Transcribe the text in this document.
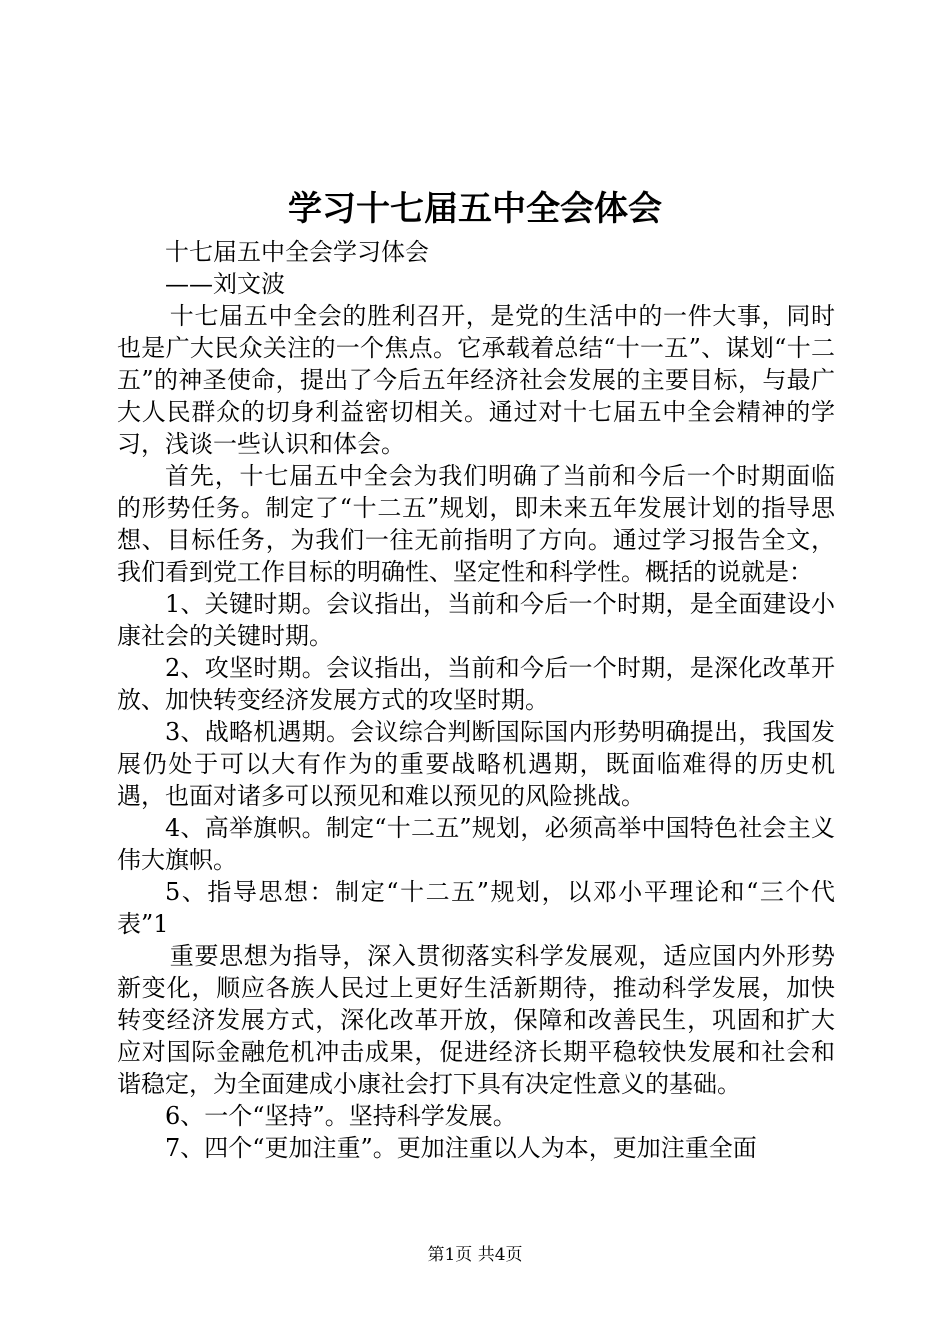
学习十七届五中全会体会

十七届五中全会学习体会

——刘文波

十七届五中全会的胜利召开，是党的生活中的一件大事，同时也是广大民众关注的一个焦点。它承载着总结“十一五”、谋划“十二五”的神圣使命，提出了今后五年经济社会发展的主要目标，与最广大人民群众的切身利益密切相关。通过对十七届五中全会精神的学习，浅谈一些认识和体会。

首先，十七届五中全会为我们明确了当前和今后一个时期面临的形势任务。制定了“十二五”规划，即未来五年发展计划的指导思想、目标任务，为我们一往无前指明了方向。通过学习报告全文，我们看到党工作目标的明确性、坚定性和科学性。概括的说就是：

1、关键时期。会议指出，当前和今后一个时期，是全面建设小康社会的关键时期。

2、攻坚时期。会议指出，当前和今后一个时期，是深化改革开放、加快转变经济发展方式的攻坚时期。

3、战略机遇期。会议综合判断国际国内形势明确提出，我国发展仍处于可以大有作为的重要战略机遇期，既面临难得的历史机遇，也面对诸多可以预见和难以预见的风险挑战。

4、高举旗帜。制定“十二五”规划，必须高举中国特色社会主义伟大旗帜。

5、指导思想：制定“十二五”规划，以邓小平理论和“三个代表”1

重要思想为指导，深入贯彻落实科学发展观，适应国内外形势新变化，顺应各族人民过上更好生活新期待，推动科学发展，加快转变经济发展方式，深化改革开放，保障和改善民生，巩固和扩大应对国际金融危机冲击成果，促进经济长期平稳较快发展和社会和谐稳定，为全面建成小康社会打下具有决定性意义的基础。

6、一个“坚持”。坚持科学发展。

7、四个“更加注重”。更加注重以人为本，更加注重全面

第1页 共4页
